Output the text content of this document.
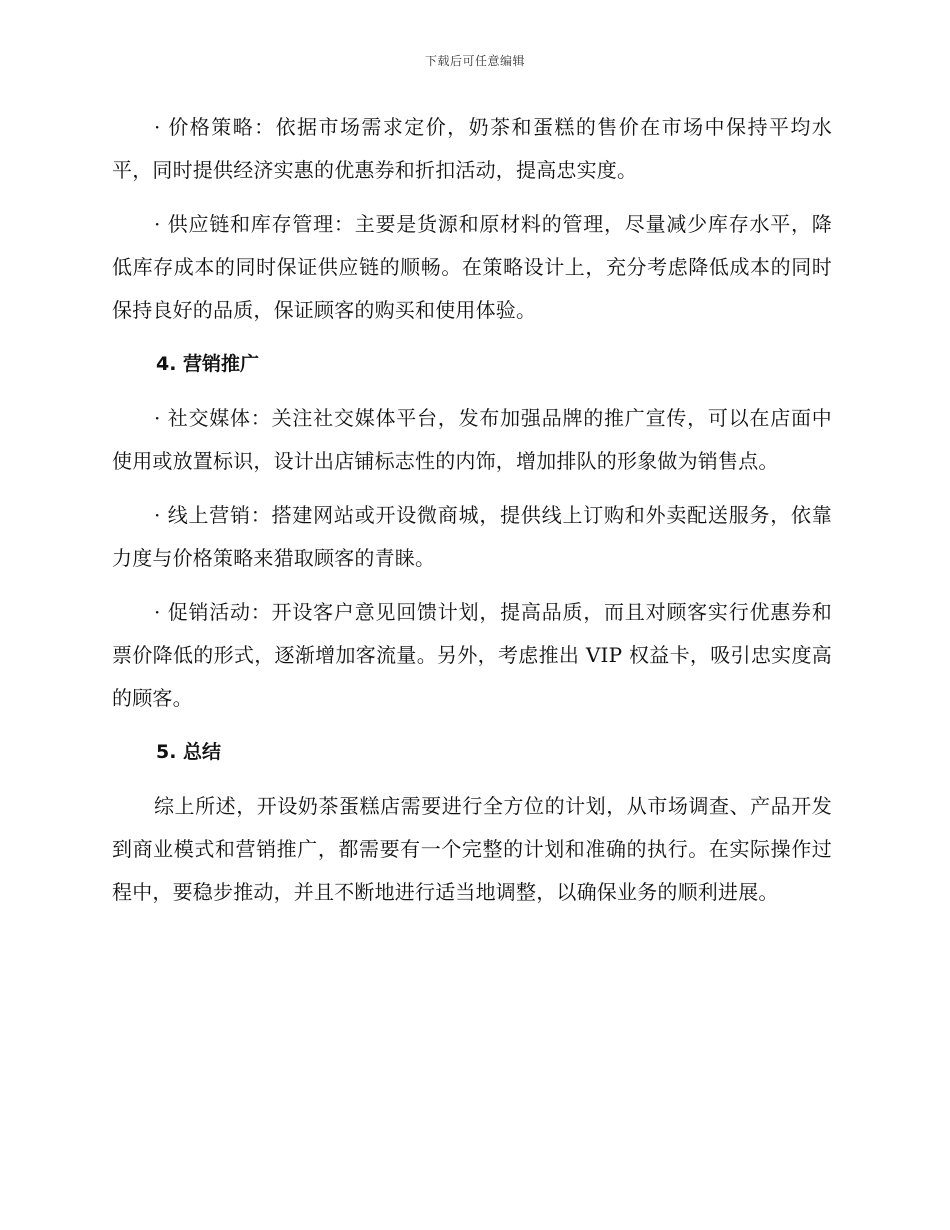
下载后可任意编辑

· 价格策略：依据市场需求定价，奶茶和蛋糕的售价在市场中保持平均水平，同时提供经济实惠的优惠券和折扣活动，提高忠实度。

· 供应链和库存管理：主要是货源和原材料的管理，尽量减少库存水平，降低库存成本的同时保证供应链的顺畅。在策略设计上，充分考虑降低成本的同时保持良好的品质，保证顾客的购买和使用体验。

4. 营销推广

· 社交媒体：关注社交媒体平台，发布加强品牌的推广宣传，可以在店面中使用或放置标识，设计出店铺标志性的内饰，增加排队的形象做为销售点。

· 线上营销：搭建网站或开设微商城，提供线上订购和外卖配送服务，依靠力度与价格策略来猎取顾客的青睐。

· 促销活动：开设客户意见回馈计划，提高品质，而且对顾客实行优惠券和票价降低的形式，逐渐增加客流量。另外，考虑推出 VIP 权益卡，吸引忠实度高的顾客。

5. 总结

综上所述，开设奶茶蛋糕店需要进行全方位的计划，从市场调查、产品开发到商业模式和营销推广，都需要有一个完整的计划和准确的执行。在实际操作过程中，要稳步推动，并且不断地进行适当地调整，以确保业务的顺利进展。
